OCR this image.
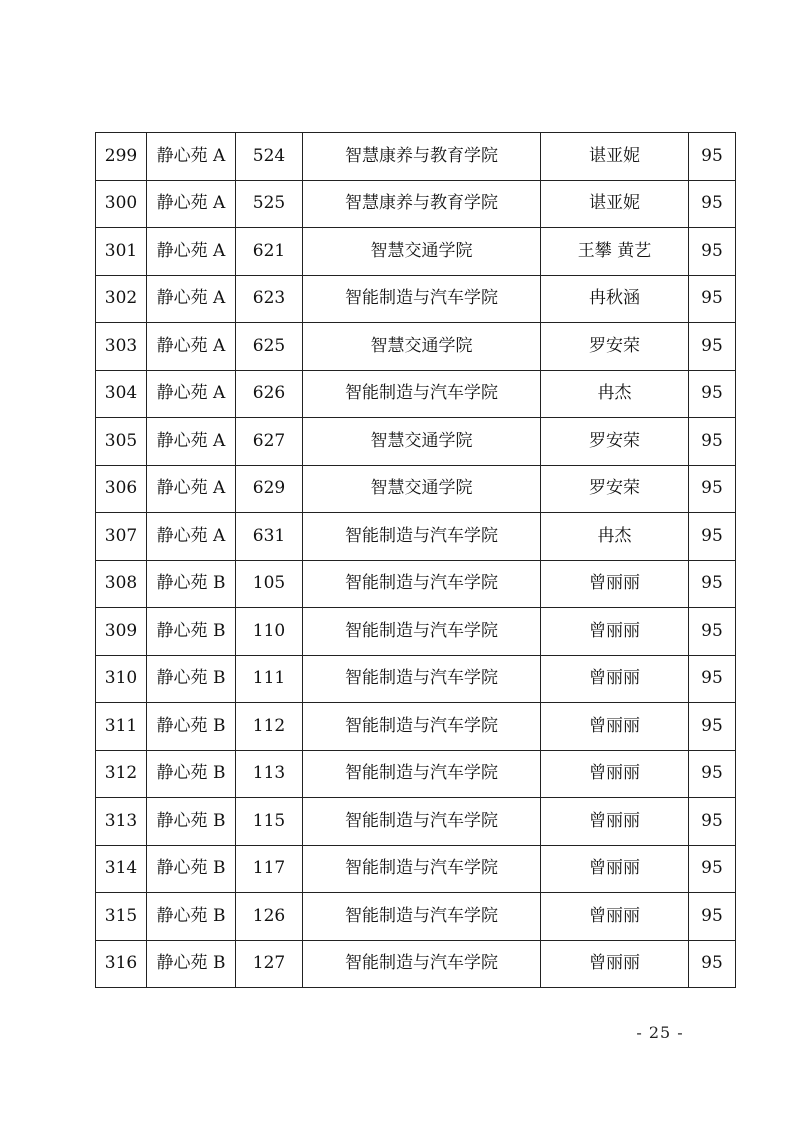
299	静心苑 A	524	智慧康养与教育学院	谌亚妮	95
300	静心苑 A	525	智慧康养与教育学院	谌亚妮	95
301	静心苑 A	621	智慧交通学院	王攀 黄艺	95
302	静心苑 A	623	智能制造与汽车学院	冉秋涵	95
303	静心苑 A	625	智慧交通学院	罗安荣	95
304	静心苑 A	626	智能制造与汽车学院	冉杰	95
305	静心苑 A	627	智慧交通学院	罗安荣	95
306	静心苑 A	629	智慧交通学院	罗安荣	95
307	静心苑 A	631	智能制造与汽车学院	冉杰	95
308	静心苑 B	105	智能制造与汽车学院	曾丽丽	95
309	静心苑 B	110	智能制造与汽车学院	曾丽丽	95
310	静心苑 B	111	智能制造与汽车学院	曾丽丽	95
311	静心苑 B	112	智能制造与汽车学院	曾丽丽	95
312	静心苑 B	113	智能制造与汽车学院	曾丽丽	95
313	静心苑 B	115	智能制造与汽车学院	曾丽丽	95
314	静心苑 B	117	智能制造与汽车学院	曾丽丽	95
315	静心苑 B	126	智能制造与汽车学院	曾丽丽	95
316	静心苑 B	127	智能制造与汽车学院	曾丽丽	95
- 25 -
